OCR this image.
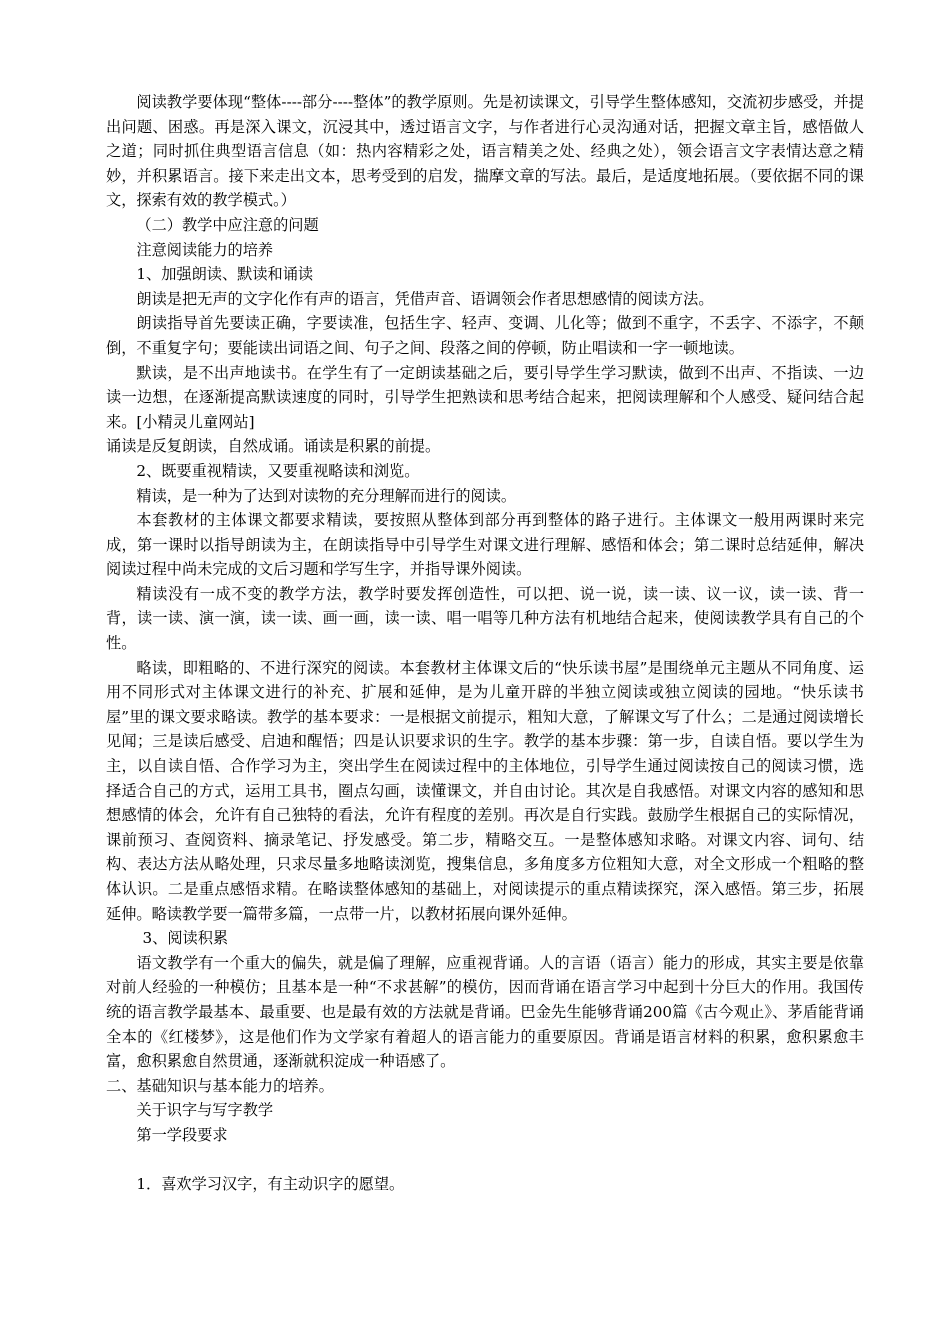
阅读教学要体现“整体----部分----整体”的教学原则。先是初读课文，引导学生整体感知，交流初步感受，并提出问题、困惑。再是深入课文，沉浸其中，透过语言文字，与作者进行心灵沟通对话，把握文章主旨，感悟做人之道；同时抓住典型语言信息（如：热内容精彩之处，语言精美之处、经典之处），领会语言文字表情达意之精妙，并积累语言。接下来走出文本，思考受到的启发，揣摩文章的写法。最后，是适度地拓展。（要依据不同的课文，探索有效的教学模式。）

（二）教学中应注意的问题

注意阅读能力的培养

1、加强朗读、默读和诵读

朗读是把无声的文字化作有声的语言，凭借声音、语调领会作者思想感情的阅读方法。

朗读指导首先要读正确，字要读准，包括生字、轻声、变调、儿化等；做到不重字，不丢字、不添字，不颠倒，不重复字句；要能读出词语之间、句子之间、段落之间的停顿，防止唱读和一字一顿地读。

默读，是不出声地读书。在学生有了一定朗读基础之后，要引导学生学习默读，做到不出声、不指读、一边读一边想，在逐渐提高默读速度的同时，引导学生把熟读和思考结合起来，把阅读理解和个人感受、疑问结合起来。[小精灵儿童网站]

诵读是反复朗读，自然成诵。诵读是积累的前提。

2、既要重视精读，又要重视略读和浏览。

精读，是一种为了达到对读物的充分理解而进行的阅读。

本套教材的主体课文都要求精读，要按照从整体到部分再到整体的路子进行。主体课文一般用两课时来完成，第一课时以指导朗读为主，在朗读指导中引导学生对课文进行理解、感悟和体会；第二课时总结延伸，解决阅读过程中尚未完成的文后习题和学写生字，并指导课外阅读。

精读没有一成不变的教学方法，教学时要发挥创造性，可以把、说一说，读一读、议一议，读一读、背一背，读一读、演一演，读一读、画一画，读一读、唱一唱等几种方法有机地结合起来，使阅读教学具有自己的个性。

略读，即粗略的、不进行深究的阅读。本套教材主体课文后的“快乐读书屋”是围绕单元主题从不同角度、运用不同形式对主体课文进行的补充、扩展和延伸，是为儿童开辟的半独立阅读或独立阅读的园地。“快乐读书屋”里的课文要求略读。教学的基本要求：一是根据文前提示，粗知大意，了解课文写了什么；二是通过阅读增长见闻；三是读后感受、启迪和醒悟；四是认识要求识的生字。教学的基本步骤：第一步，自读自悟。要以学生为主，以自读自悟、合作学习为主，突出学生在阅读过程中的主体地位，引导学生通过阅读按自己的阅读习惯，选择适合自己的方式，运用工具书，圈点勾画，读懂课文，并自由讨论。其次是自我感悟。对课文内容的感知和思想感情的体会，允许有自己独特的看法，允许有程度的差别。再次是自行实践。鼓励学生根据自己的实际情况，课前预习、查阅资料、摘录笔记、抒发感受。第二步，精略交互。一是整体感知求略。对课文内容、词句、结构、表达方法从略处理，只求尽量多地略读浏览，搜集信息，多角度多方位粗知大意，对全文形成一个粗略的整体认识。二是重点感悟求精。在略读整体感知的基础上，对阅读提示的重点精读探究，深入感悟。第三步，拓展延伸。略读教学要一篇带多篇，一点带一片，以教材拓展向课外延伸。

3、阅读积累

语文教学有一个重大的偏失，就是偏了理解，应重视背诵。人的言语（语言）能力的形成，其实主要是依靠对前人经验的一种模仿；且基本是一种“不求甚解”的模仿，因而背诵在语言学习中起到十分巨大的作用。我国传统的语言教学最基本、最重要、也是最有效的方法就是背诵。巴金先生能够背诵200篇《古今观止》、茅盾能背诵全本的《红楼梦》，这是他们作为文学家有着超人的语言能力的重要原因。背诵是语言材料的积累，愈积累愈丰富，愈积累愈自然贯通，逐渐就积淀成一种语感了。

二、基础知识与基本能力的培养。

关于识字与写字教学

第一学段要求

1．喜欢学习汉字，有主动识字的愿望。
